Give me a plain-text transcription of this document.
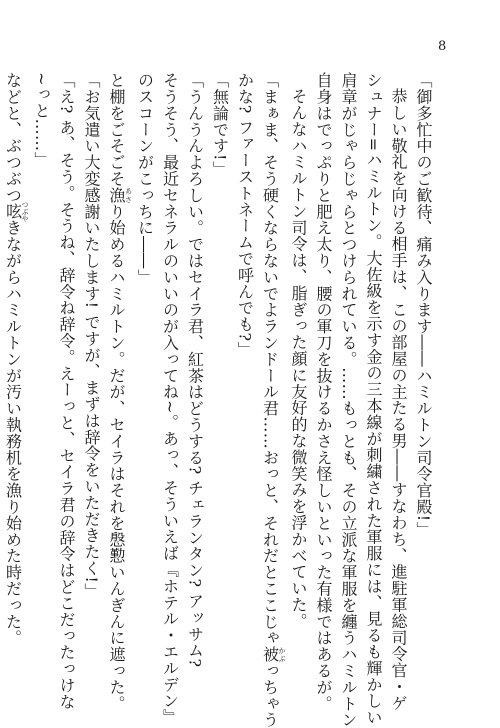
8
「御多忙中のご歓待、痛み入ります――ハミルトン司令官殿!」
恭しい敬礼を向ける相手は、この部屋の主たる男――すなわち、進駐軍総司令官・ゲ
シュナー=ハミルトン。大佐級を示す金の三本線が刺繍された軍服には、見るも輝かしい
肩章がじゃらじゃらとつけられている。……もっとも、その立派な軍服を纏うハミルトン
自身はでっぷりと肥え太り、腰の軍刀を抜けるかさえ怪しいといった有様ではあるが。
そんなハミルトン司令は、脂ぎった顔に友好的な微笑みを浮かべていた。
「まぁま、そう硬くならないでよランドール君……おっと、それだとここじゃ被かぶっちゃう
かな? ファーストネームで呼んでも?」
「無論です!」
「うんうんよろしい。ではセイラ君、紅茶はどうする? チェランタン? アッサム?
そうそう、最近セネラルのいいのが入ってね~。あっ、そういえば『ホテル・エルデン』
のスコーンがこっちに――」
と棚をごそごそ漁あさり始めるハミルトン。だが、セイラはそれを慇懃いんぎんに遮った。
「お気遣い大変感謝いたします! ですが、まずは辞令をいただきたく!」
「え? あ、そう。そうね、辞令ね辞令。えーっと、セイラ君の辞令はどこだったっけな
~っと……」
などと、ぶつぶつ呟つぶやきながらハミルトンが汚い執務机を漁り始めた時だった。
